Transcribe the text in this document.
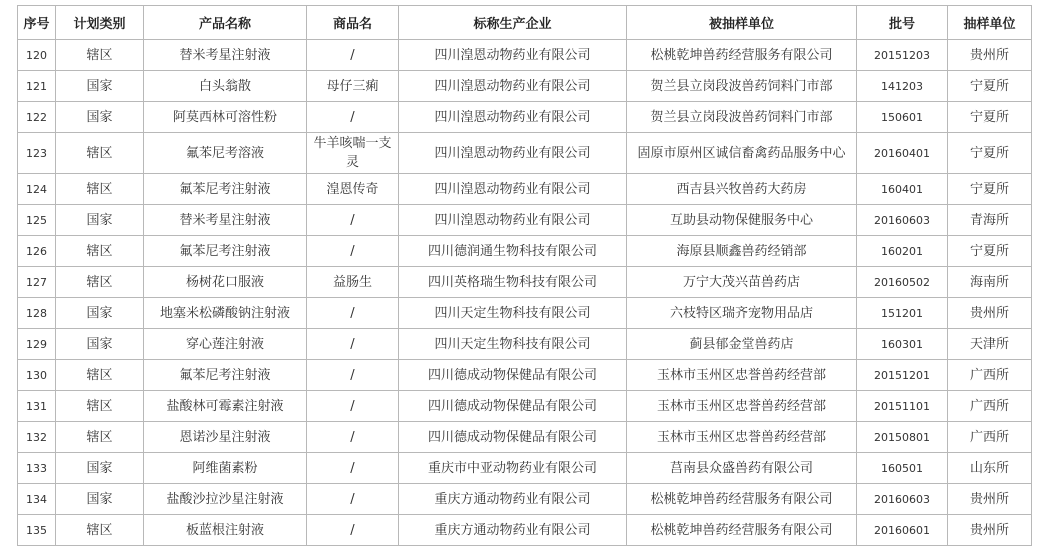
序号	计划类别	产品名称	商品名	标称生产企业	被抽样单位	批号	抽样单位
120	辖区	替米考星注射液	/	四川湟恩动物药业有限公司	松桃乾坤兽药经营服务有限公司	20151203	贵州所
121	国家	白头翁散	母仔三痢	四川湟恩动物药业有限公司	贺兰县立岗段波兽药饲料门市部	141203	宁夏所
122	国家	阿莫西林可溶性粉	/	四川湟恩动物药业有限公司	贺兰县立岗段波兽药饲料门市部	150601	宁夏所
123	辖区	氟苯尼考溶液	牛羊咳喘一支灵	四川湟恩动物药业有限公司	固原市原州区诚信畜禽药品服务中心	20160401	宁夏所
124	辖区	氟苯尼考注射液	湟恩传奇	四川湟恩动物药业有限公司	西吉县兴牧兽药大药房	160401	宁夏所
125	国家	替米考星注射液	/	四川湟恩动物药业有限公司	互助县动物保健服务中心	20160603	青海所
126	辖区	氟苯尼考注射液	/	四川德润通生物科技有限公司	海原县顺鑫兽药经销部	160201	宁夏所
127	辖区	杨树花口服液	益肠生	四川英格瑞生物科技有限公司	万宁大茂兴苗兽药店	20160502	海南所
128	国家	地塞米松磷酸钠注射液	/	四川天定生物科技有限公司	六枝特区瑞齐宠物用品店	151201	贵州所
129	国家	穿心莲注射液	/	四川天定生物科技有限公司	蓟县郁金堂兽药店	160301	天津所
130	辖区	氟苯尼考注射液	/	四川德成动物保健品有限公司	玉林市玉州区忠誉兽药经营部	20151201	广西所
131	辖区	盐酸林可霉素注射液	/	四川德成动物保健品有限公司	玉林市玉州区忠誉兽药经营部	20151101	广西所
132	辖区	恩诺沙星注射液	/	四川德成动物保健品有限公司	玉林市玉州区忠誉兽药经营部	20150801	广西所
133	国家	阿维菌素粉	/	重庆市中亚动物药业有限公司	莒南县众盛兽药有限公司	160501	山东所
134	国家	盐酸沙拉沙星注射液	/	重庆方通动物药业有限公司	松桃乾坤兽药经营服务有限公司	20160603	贵州所
135	辖区	板蓝根注射液	/	重庆方通动物药业有限公司	松桃乾坤兽药经营服务有限公司	20160601	贵州所
